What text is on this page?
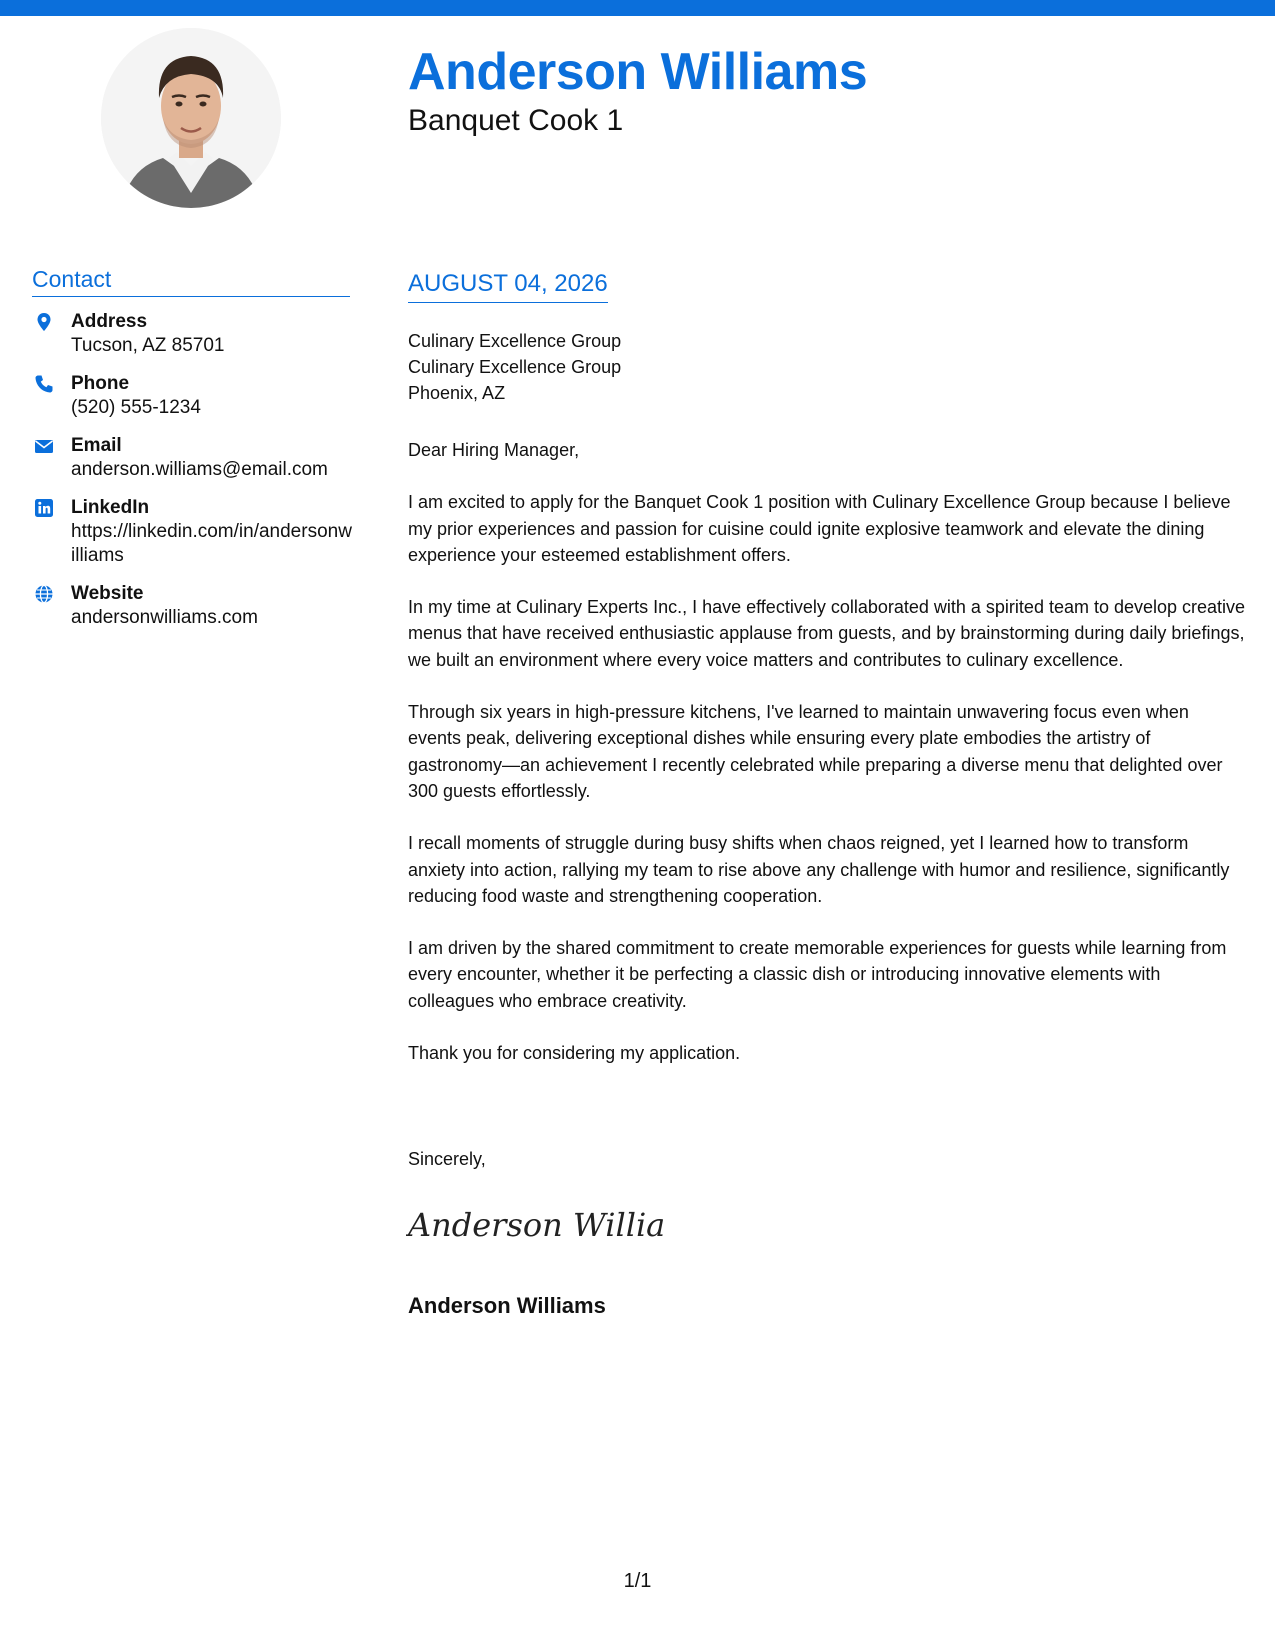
Anderson Williams
Banquet Cook 1
Contact
Address
Tucson, AZ 85701
Phone
(520) 555-1234
Email
anderson.williams@email.com
LinkedIn
https://linkedin.com/in/andersonwilliams
Website
andersonwilliams.com
AUGUST 04, 2026
Culinary Excellence Group
Culinary Excellence Group
Phoenix, AZ

Dear Hiring Manager,

I am excited to apply for the Banquet Cook 1 position with Culinary Excellence Group because I believe my prior experiences and passion for cuisine could ignite explosive teamwork and elevate the dining experience your esteemed establishment offers.

In my time at Culinary Experts Inc., I have effectively collaborated with a spirited team to develop creative menus that have received enthusiastic applause from guests, and by brainstorming during daily briefings, we built an environment where every voice matters and contributes to culinary excellence.

Through six years in high-pressure kitchens, I've learned to maintain unwavering focus even when events peak, delivering exceptional dishes while ensuring every plate embodies the artistry of gastronomy—an achievement I recently celebrated while preparing a diverse menu that delighted over 300 guests effortlessly.

I recall moments of struggle during busy shifts when chaos reigned, yet I learned how to transform anxiety into action, rallying my team to rise above any challenge with humor and resilience, significantly reducing food waste and strengthening cooperation.

I am driven by the shared commitment to create memorable experiences for guests while learning from every encounter, whether it be perfecting a classic dish or introducing innovative elements with colleagues who embrace creativity.

Thank you for considering my application.

Sincerely,
Anderson Willia
Anderson Williams
1/1
